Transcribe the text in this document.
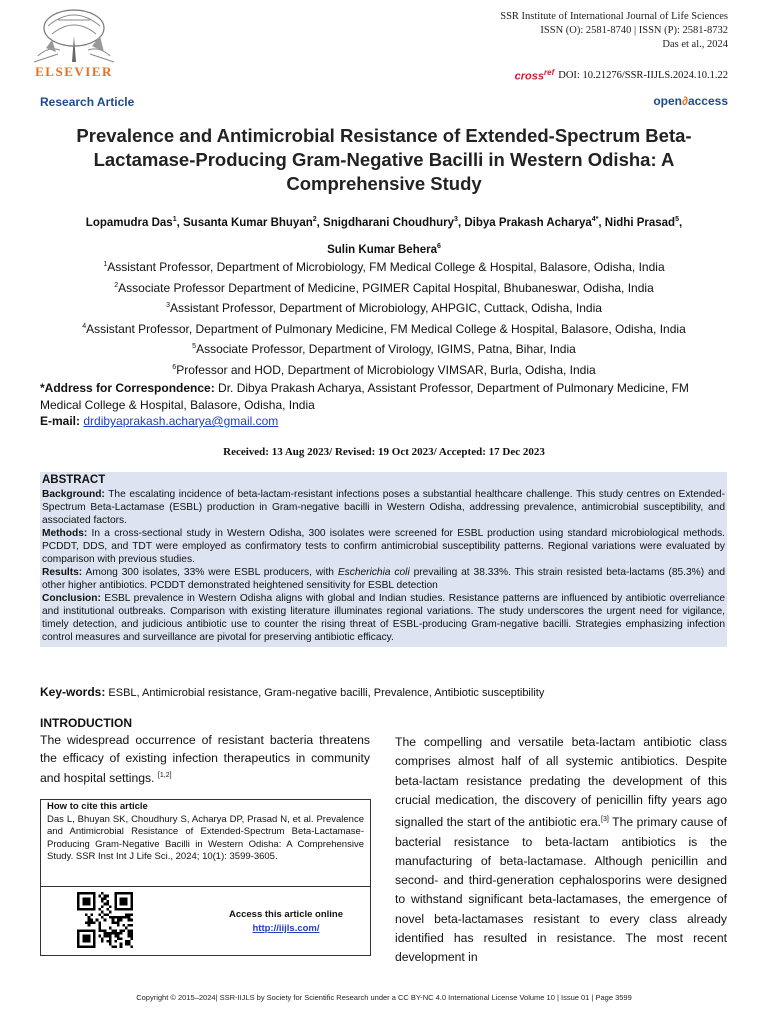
ELSEVIER
SSR Institute of International Journal of Life Sciences
ISSN (O): 2581-8740 | ISSN (P): 2581-8732
Das et al., 2024
cross$^{ref}$ DOI: 10.21276/SSR-IIJLS.2024.10.1.22
Research Article	open∂access
Prevalence and Antimicrobial Resistance of Extended-Spectrum Beta-Lactamase-Producing Gram-Negative Bacilli in Western Odisha: A Comprehensive Study
Lopamudra Das$^1$, Susanta Kumar Bhuyan$^2$, Snigdharani Choudhury$^3$, Dibya Prakash Acharya$^{4*}$, Nidhi Prasad$^5$,
Sulin Kumar Behera$^6$
$^1$Assistant Professor, Department of Microbiology, FM Medical College & Hospital, Balasore, Odisha, India
$^2$Associate Professor Department of Medicine, PGIMER Capital Hospital, Bhubaneswar, Odisha, India
$^3$Assistant Professor, Department of Microbiology, AHPGIC, Cuttack, Odisha, India
$^4$Assistant Professor, Department of Pulmonary Medicine, FM Medical College & Hospital, Balasore, Odisha, India
$^5$Associate Professor, Department of Virology, IGIMS, Patna, Bihar, India
$^6$Professor and HOD, Department of Microbiology VIMSAR, Burla, Odisha, India
*Address for Correspondence: Dr. Dibya Prakash Acharya, Assistant Professor, Department of Pulmonary Medicine, FM Medical College & Hospital, Balasore, Odisha, India
E-mail: drdibyaprakash.acharya@gmail.com
Received: 13 Aug 2023/ Revised: 19 Oct 2023/ Accepted: 17 Dec 2023

ABSTRACT

Background: The escalating incidence of beta-lactam-resistant infections poses a substantial healthcare challenge. This study centres on Extended-Spectrum Beta-Lactamase (ESBL) production in Gram-negative bacilli in Western Odisha, addressing prevalence, antimicrobial susceptibility, and associated factors.

Methods: In a cross-sectional study in Western Odisha, 300 isolates were screened for ESBL production using standard microbiological methods. PCDDT, DDS, and TDT were employed as confirmatory tests to confirm antimicrobial susceptibility patterns. Regional variations were evaluated by comparison with previous studies.

Results: Among 300 isolates, 33% were ESBL producers, with Escherichia coli prevailing at 38.33%. This strain resisted beta-lactams (85.3%) and other higher antibiotics. PCDDT demonstrated heightened sensitivity for ESBL detection

Conclusion: ESBL prevalence in Western Odisha aligns with global and Indian studies. Resistance patterns are influenced by antibiotic overreliance and institutional outbreaks. Comparison with existing literature illuminates regional variations. The study underscores the urgent need for vigilance, timely detection, and judicious antibiotic use to counter the rising threat of ESBL-producing Gram-negative bacilli. Strategies emphasizing infection control measures and surveillance are pivotal for preserving antibiotic efficacy.

Key-words: ESBL, Antimicrobial resistance, Gram-negative bacilli, Prevalence, Antibiotic susceptibility
INTRODUCTION
The widespread occurrence of resistant bacteria threatens the efficacy of existing infection therapeutics in community and hospital settings. [1,2]
The compelling and versatile beta-lactam antibiotic class comprises almost half of all systemic antibiotics. Despite beta-lactam resistance predating the development of this crucial medication, the discovery of penicillin fifty years ago signalled the start of the antibiotic era.[3] The primary cause of bacterial resistance to beta-lactam antibiotics is the manufacturing of beta-lactamase. Although penicillin and second- and third-generation cephalosporins were designed to withstand significant beta-lactamases, the emergence of novel beta-lactamases resistant to every class already identified has resulted in resistance. The most recent development in
How to cite this article
Das L, Bhuyan SK, Choudhury S, Acharya DP, Prasad N, et al. Prevalence and Antimicrobial Resistance of Extended-Spectrum Beta-Lactamase-Producing Gram-Negative Bacilli in Western Odisha: A Comprehensive Study. SSR Inst Int J Life Sci., 2024; 10(1): 3599-3605.
Access this article online
http://iijls.com/
Copyright © 2015–2024| SSR-IIJLS by Society for Scientific Research under a CC BY-NC 4.0 International License Volume 10 | Issue 01 | Page 3599
